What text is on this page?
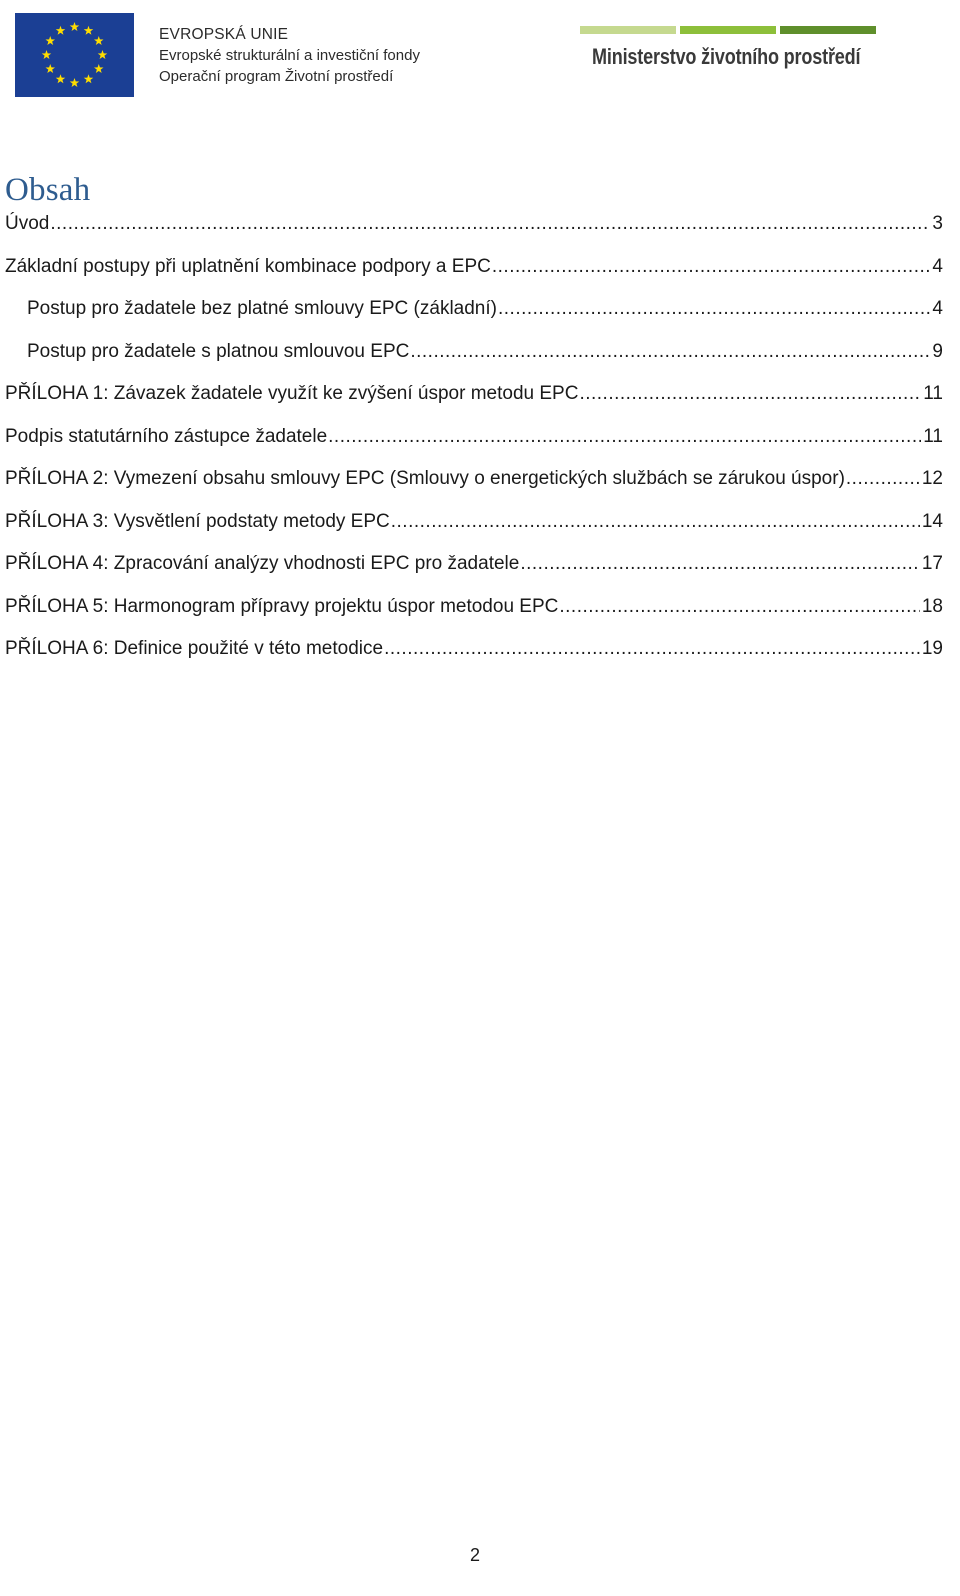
EVROPSKÁ UNIE
Evropské strukturální a investiční fondy
Operační program Životní prostředí
Ministerstvo životního prostředí
Obsah
Úvod .....	3
Základní postupy při uplatnění kombinace podpory a EPC .....	4
Postup pro žadatele bez platné smlouvy EPC (základní) .....	4
Postup pro žadatele s platnou smlouvou EPC .....	9
PŘÍLOHA 1: Závazek žadatele využít ke zvýšení úspor metodu EPC .....	11
Podpis statutárního zástupce žadatele .....	11
PŘÍLOHA 2: Vymezení obsahu smlouvy EPC (Smlouvy o energetických službách se zárukou úspor) .....	12
PŘÍLOHA 3: Vysvětlení podstaty metody EPC .....	14
PŘÍLOHA 4: Zpracování analýzy vhodnosti EPC pro žadatele .....	17
PŘÍLOHA 5: Harmonogram přípravy projektu úspor metodou EPC .....	18
PŘÍLOHA 6: Definice použité v této metodice .....	19
2
